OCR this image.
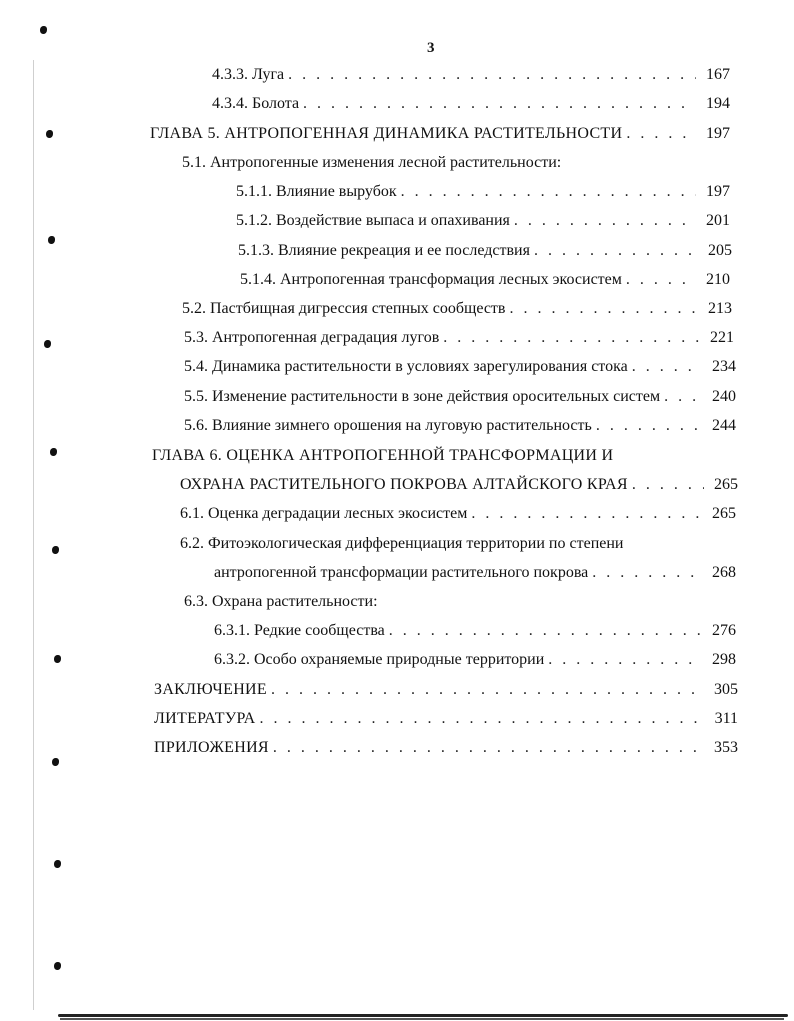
3
4.3.3. Луга . . .	167
4.3.4. Болота . . .	194
ГЛАВА 5. АНТРОПОГЕННАЯ ДИНАМИКА РАСТИТЕЛЬНОСТИ . . .	197
5.1. Антропогенные изменения лесной растительности:
5.1.1. Влияние вырубок . . .	197
5.1.2. Воздействие выпаса и опахивания . . .	201
5.1.3. Влияние рекреация и ее последствия . . .	205
5.1.4. Антропогенная трансформация лесных экосистем . . .	210
5.2. Пастбищная дигрессия степных сообществ . . .	213
5.3. Антропогенная деградация лугов . . .	221
5.4. Динамика растительности в условиях зарегулирования стока . . .	234
5.5. Изменение растительности в зоне действия оросительных систем . . .	240
5.6. Влияние зимнего орошения на луговую растительность . . .	244
ГЛАВА 6. ОЦЕНКА АНТРОПОГЕННОЙ ТРАНСФОРМАЦИИ И
ОХРАНА РАСТИТЕЛЬНОГО ПОКРОВА АЛТАЙСКОГО КРАЯ . . .	265
6.1. Оценка деградации лесных экосистем . . .	265
6.2. Фитоэкологическая дифференциация территории по степени
антропогенной трансформации растительного покрова . . .	268
6.3. Охрана растительности:
6.3.1. Редкие сообщества . . .	276
6.3.2. Особо охраняемые природные территории . . .	298
ЗАКЛЮЧЕНИЕ . . .	305
ЛИТЕРАТУРА . . .	311
ПРИЛОЖЕНИЯ . . .	353
